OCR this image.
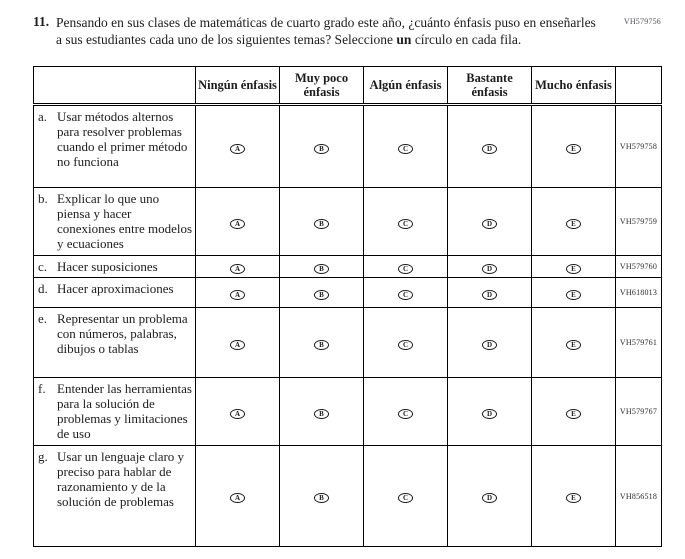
VH579756
11. Pensando en sus clases de matemáticas de cuarto grado este año, ¿cuánto énfasis puso en enseñarles a sus estudiantes cada uno de los siguientes temas? Seleccione un círculo en cada fila.
	Ningún énfasis	Muy poco énfasis	Algún énfasis	Bastante énfasis	Mucho énfasis	

a. Usar métodos alternos para resolver problemas cuando el primer método no funciona	A	B	C	D	E	VH579758

b. Explicar lo que uno piensa y hacer conexiones entre modelos y ecuaciones	A	B	C	D	E	VH579759

c. Hacer suposiciones	A	B	C	D	E	VH579760

d. Hacer aproximaciones	A	B	C	D	E	VH618013

e. Representar un problema con números, palabras, dibujos o tablas	A	B	C	D	E	VH579761

f. Entender las herramientas para la solución de problemas y limitaciones de uso	A	B	C	D	E	VH579767

g. Usar un lenguaje claro y preciso para hablar de razonamiento y de la solución de problemas	A	B	C	D	E	VH856518
